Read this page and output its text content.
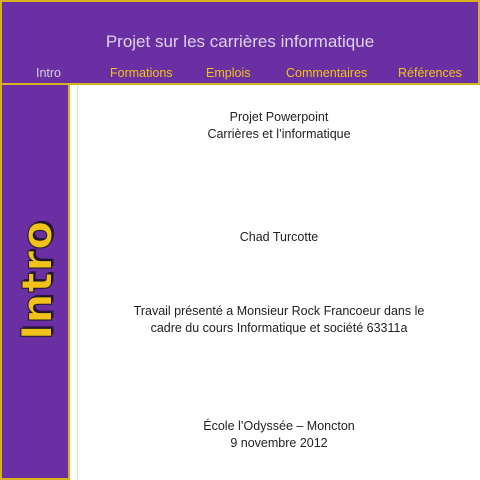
Projet sur les carrières informatique
Intro	Formations	Emplois	Commentaires Références
Intro
Projet Powerpoint
Carrières et l’informatique
Chad Turcotte
Travail présenté a Monsieur Rock Francoeur dans le
cadre du cours Informatique et société 63311a
École l’Odyssée – Moncton
9 novembre 2012
